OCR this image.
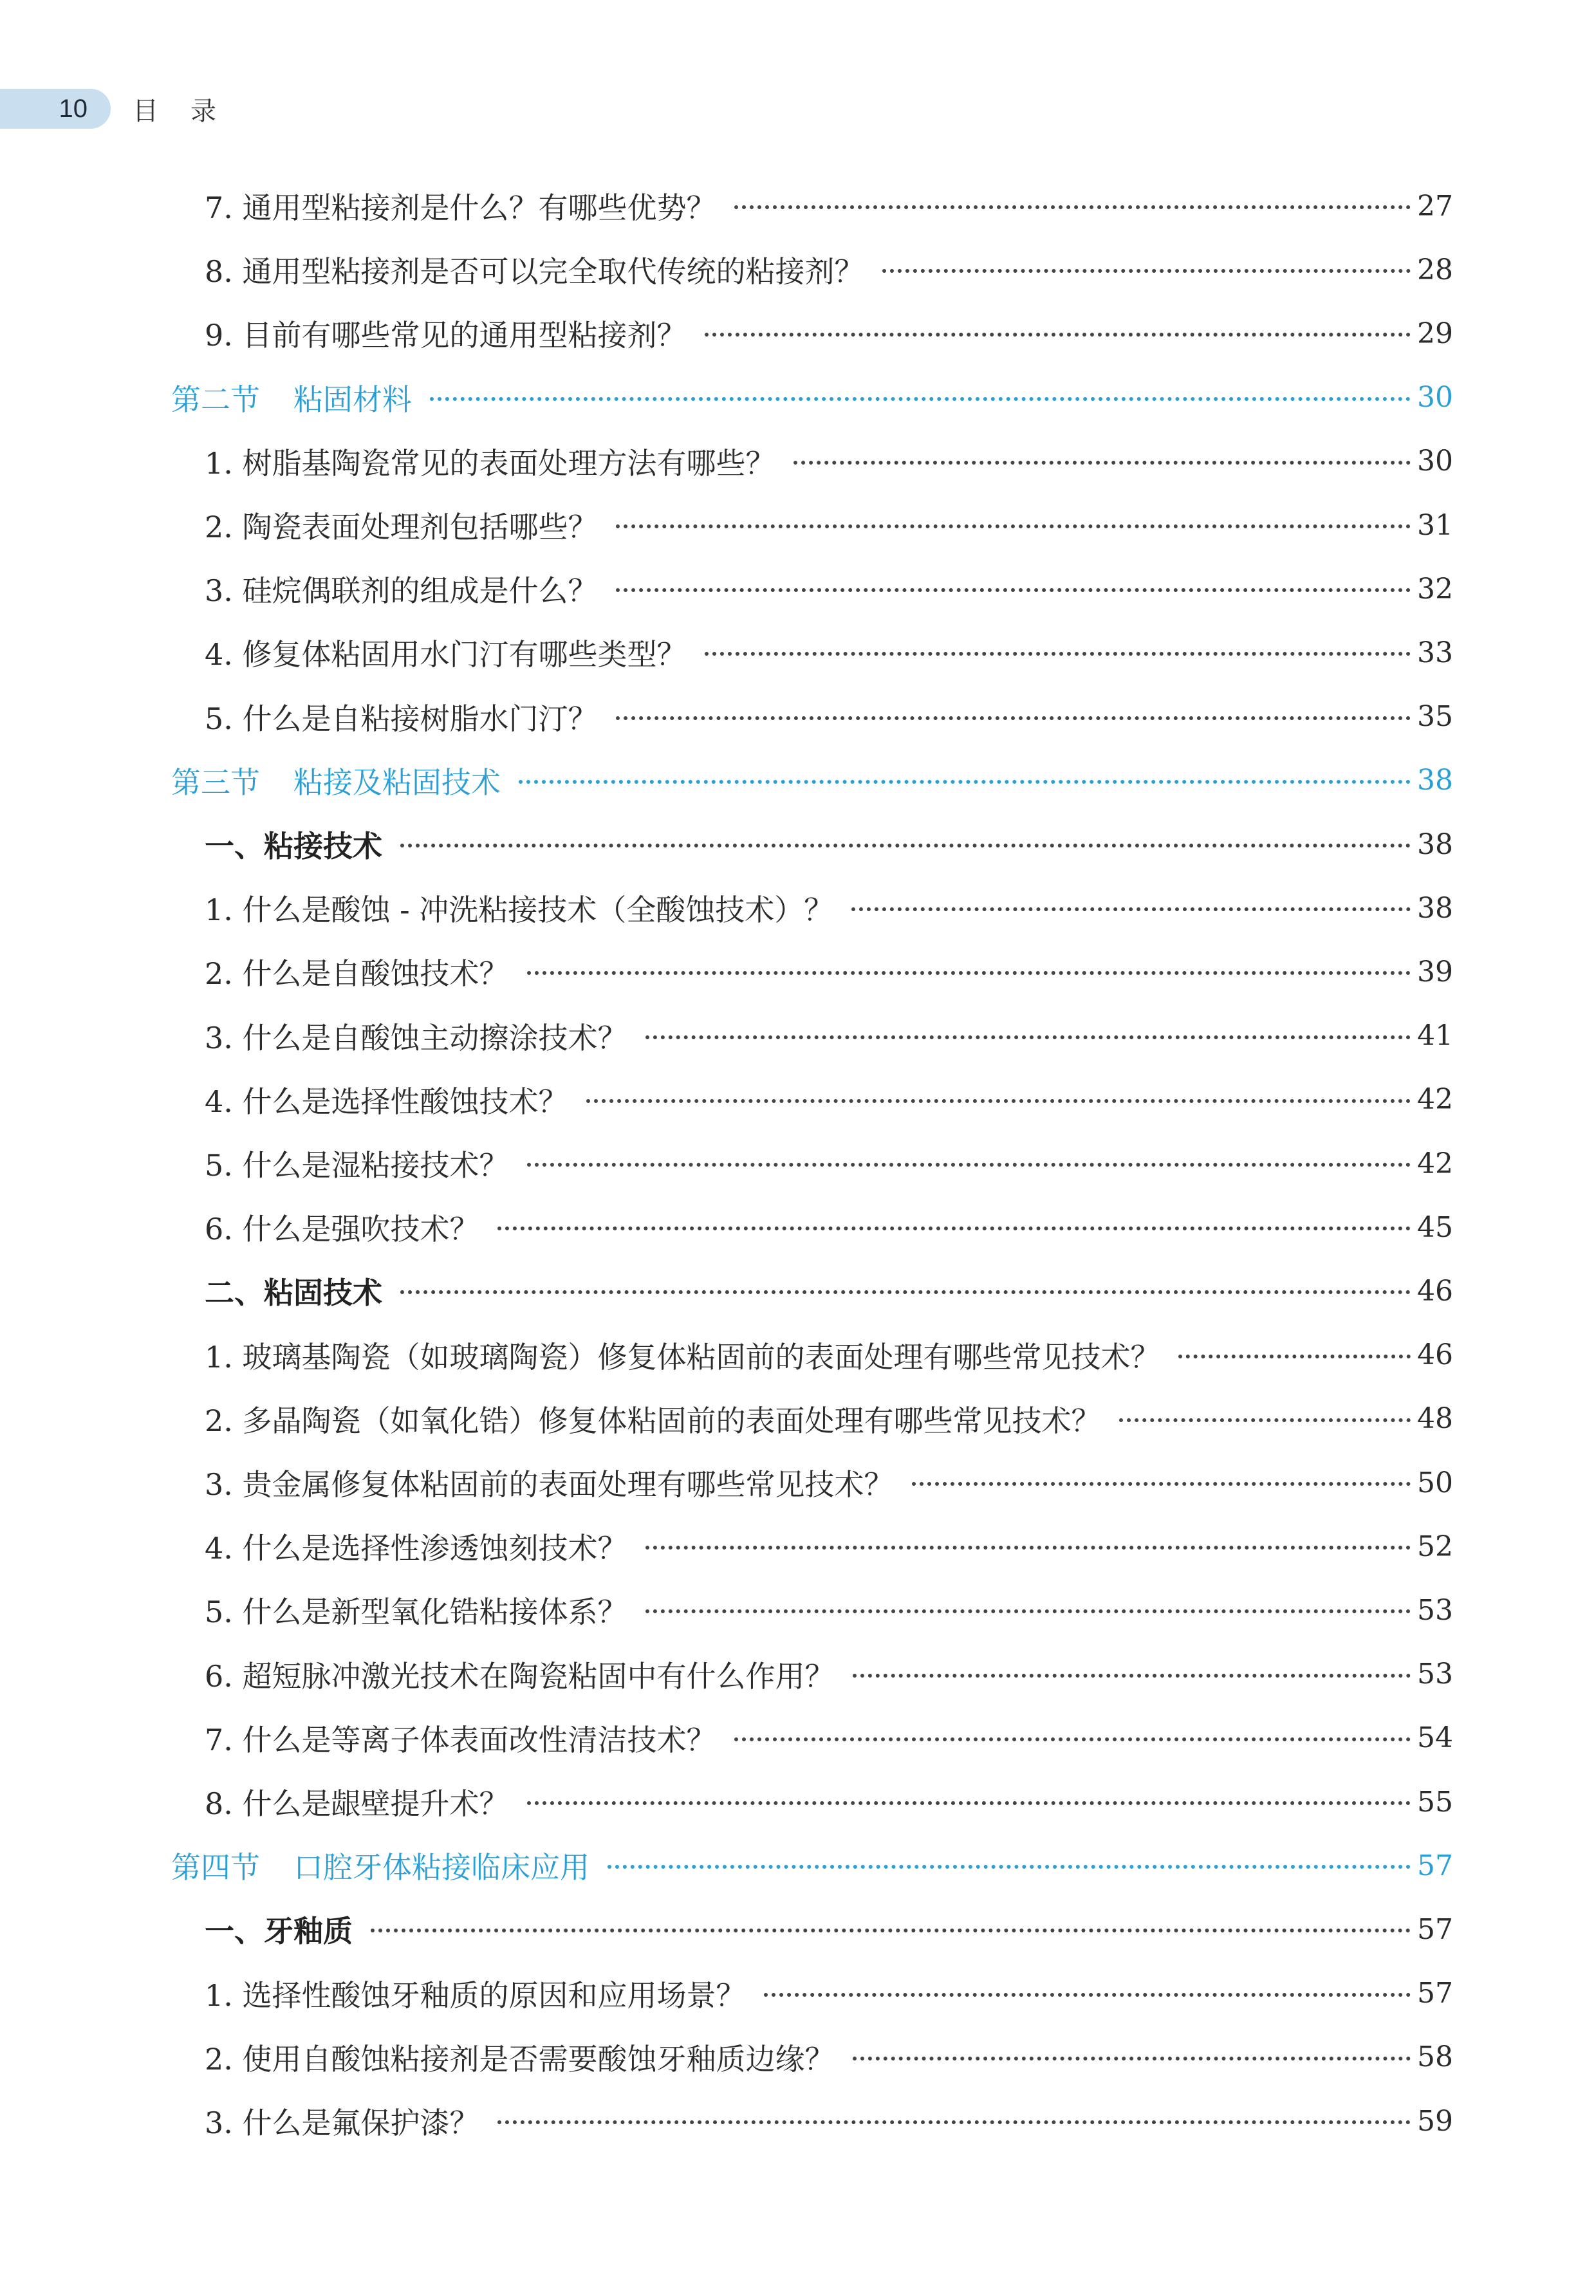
10 目录
7. 通用型粘接剂是什么？有哪些优势？	27
8. 通用型粘接剂是否可以完全取代传统的粘接剂？	28
9. 目前有哪些常见的通用型粘接剂？	29
第二节 粘固材料	30
1. 树脂基陶瓷常见的表面处理方法有哪些？	30
2. 陶瓷表面处理剂包括哪些？	31
3. 硅烷偶联剂的组成是什么？	32
4. 修复体粘固用水门汀有哪些类型？	33
5. 什么是自粘接树脂水门汀？	35
第三节 粘接及粘固技术	38
一、粘接技术	38
1. 什么是酸蚀 - 冲洗粘接技术（全酸蚀技术）？	38
2. 什么是自酸蚀技术？	39
3. 什么是自酸蚀主动擦涂技术？	41
4. 什么是选择性酸蚀技术？	42
5. 什么是湿粘接技术？	42
6. 什么是强吹技术？	45
二、粘固技术	46
1. 玻璃基陶瓷（如玻璃陶瓷）修复体粘固前的表面处理有哪些常见技术？	46
2. 多晶陶瓷（如氧化锆）修复体粘固前的表面处理有哪些常见技术？	48
3. 贵金属修复体粘固前的表面处理有哪些常见技术？	50
4. 什么是选择性渗透蚀刻技术？	52
5. 什么是新型氧化锆粘接体系？	53
6. 超短脉冲激光技术在陶瓷粘固中有什么作用？	53
7. 什么是等离子体表面改性清洁技术？	54
8. 什么是龈壁提升术？	55
第四节 口腔牙体粘接临床应用	57
一、牙釉质	57
1. 选择性酸蚀牙釉质的原因和应用场景？	57
2. 使用自酸蚀粘接剂是否需要酸蚀牙釉质边缘？	58
3. 什么是氟保护漆？	59
